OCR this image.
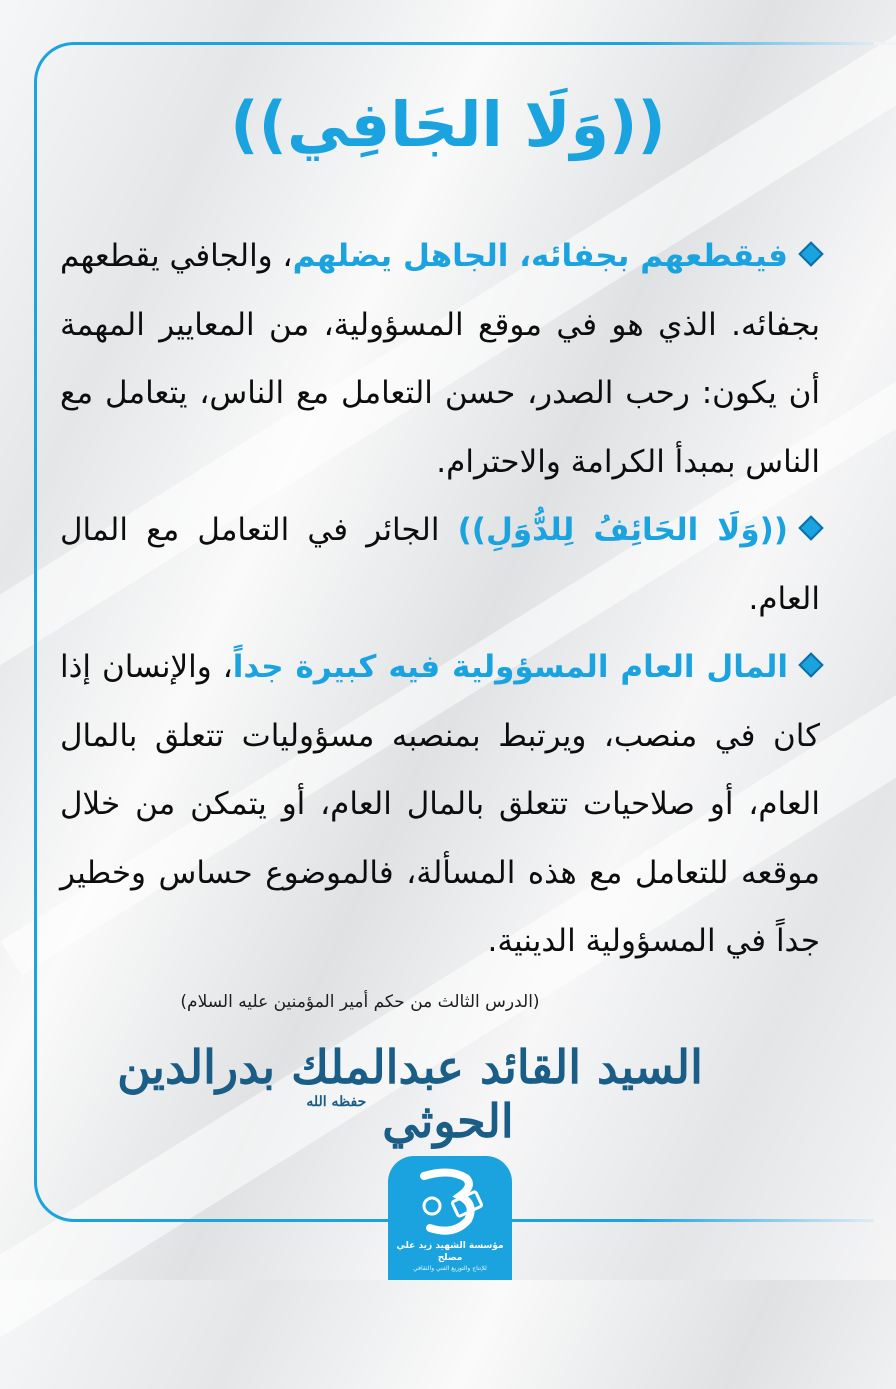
((وَلَا الجَافِي))

فيقطعهم بجفائه، الجاهل يضلهم، والجافي يقطعهم بجفائه. الذي هو في موقع المسؤولية، من المعايير المهمة أن يكون: رحب الصدر، حسن التعامل مع الناس، يتعامل مع الناس بمبدأ الكرامة والاحترام.

((وَلَا الحَائِفُ لِلدُّوَلِ)) الجائر في التعامل مع المال العام.

المال العام المسؤولية فيه كبيرة جداً، والإنسان إذا كان في منصب، ويرتبط بمنصبه مسؤوليات تتعلق بالمال العام، أو صلاحيات تتعلق بالمال العام، أو يتمكن من خلال موقعه للتعامل مع هذه المسألة، فالموضوع حساس وخطير جداً في المسؤولية الدينية.

(الدرس الثالث من حكم أمير المؤمنين عليه السلام)
السيد القائد عبدالملك بدرالدين الحوثي $^{حفظه الله}$
مؤسسة الشهيد زيد علي مصلح
للإنتاج والتوزيع الفني والثقافي
